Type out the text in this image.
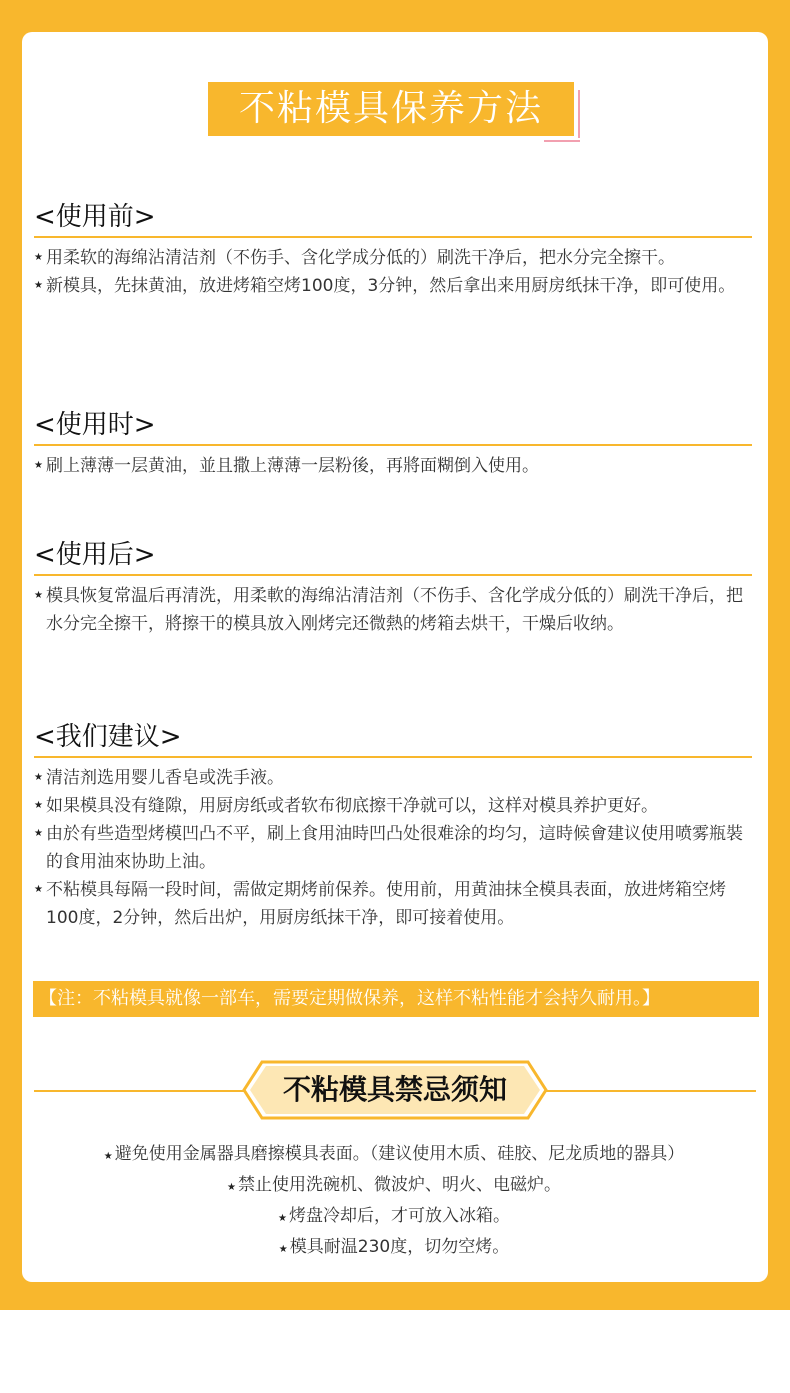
不粘模具保养方法
<使用前>
★ 用柔软的海绵沾清洁剂（不伤手、含化学成分低的）刷洗干净后，把水分完全擦干。
★ 新模具，先抹黄油，放进烤箱空烤100度，3分钟，然后拿出来用厨房纸抹干净，即可使用。
<使用时>
★ 刷上薄薄一层黄油，並且撒上薄薄一层粉後，再將面糊倒入使用。
<使用后>
★ 模具恢复常温后再清洗，用柔軟的海绵沾清洁剂（不伤手、含化学成分低的）刷洗干净后，把水分完全擦干，將擦干的模具放入刚烤完还微熱的烤箱去烘干，干燥后收纳。
<我们建议>
★ 清洁剂选用婴儿香皂或洗手液。
★ 如果模具没有缝隙，用厨房纸或者软布彻底擦干净就可以，这样对模具养护更好。
★ 由於有些造型烤模凹凸不平，刷上食用油時凹凸处很难涂的均匀，這時候會建议使用喷雾瓶裝的食用油來协助上油。
★ 不粘模具每隔一段时间，需做定期烤前保养。使用前，用黄油抹全模具表面，放进烤箱空烤100度，2分钟，然后出炉，用厨房纸抹干净，即可接着使用。
【注：不粘模具就像一部车，需要定期做保养，这样不粘性能才会持久耐用。】
不粘模具禁忌须知
★ 避免使用金属器具磨擦模具表面。（建议使用木质、硅胶、尼龙质地的器具）
★ 禁止使用洗碗机、微波炉、明火、电磁炉。
★ 烤盘冷却后，才可放入冰箱。
★ 模具耐温230度，切勿空烤。
